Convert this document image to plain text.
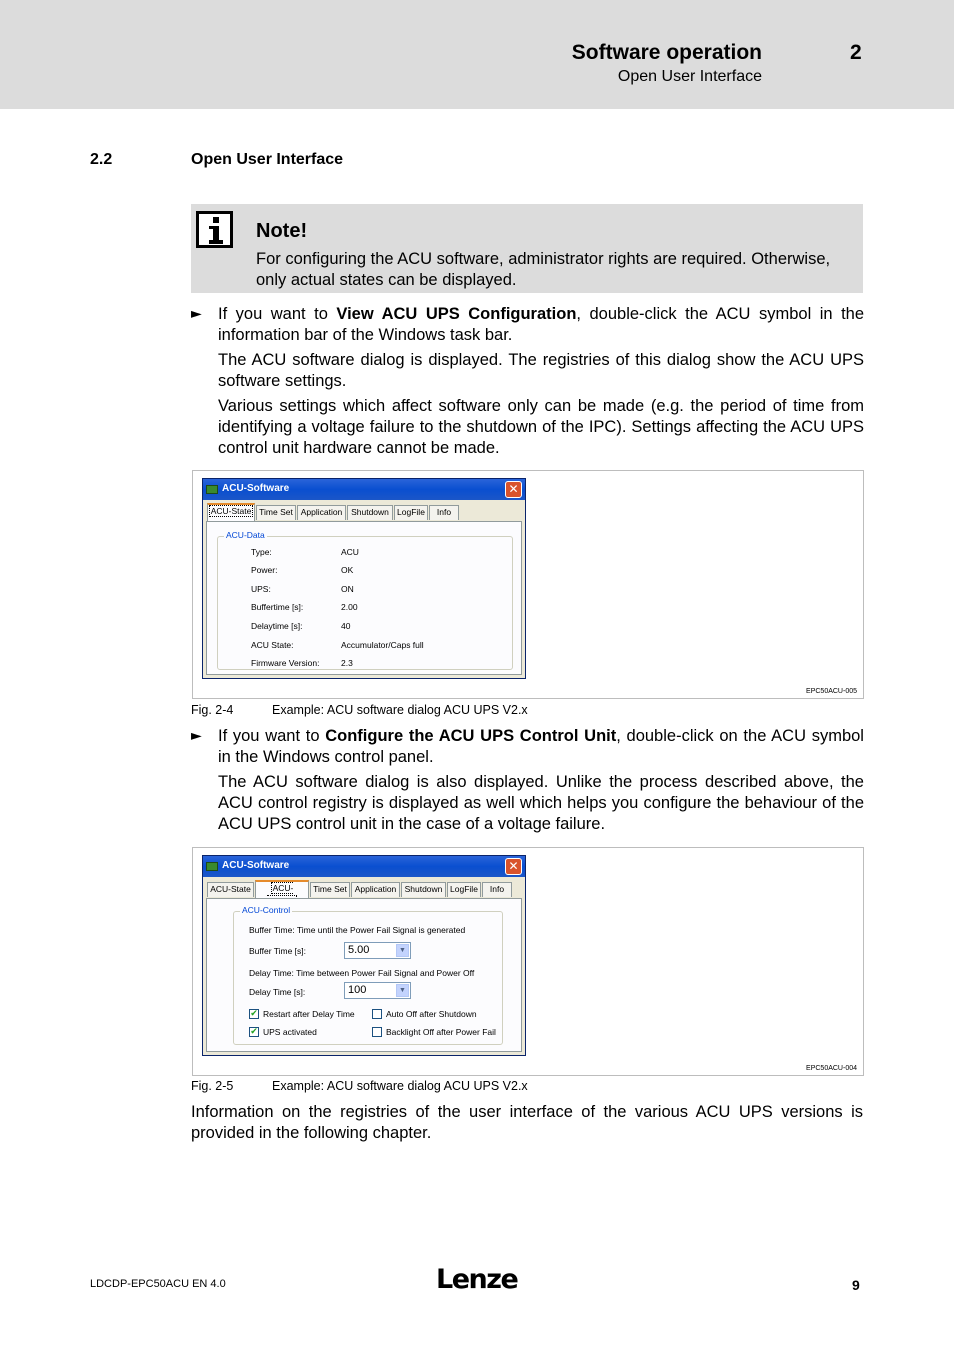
Software operation	2
Open User Interface
2.2	Open User Interface
Note!
For configuring the ACU software, administrator rights are required. Otherwise, only actual states can be displayed.
► If you want to View ACU UPS Configuration, double-click the ACU symbol in the information bar of the Windows task bar.
The ACU software dialog is displayed. The registries of this dialog show the ACU UPS software settings.
Various settings which affect software only can be made (e.g. the period of time from identifying a voltage failure to the shutdown of the IPC). Settings affecting the ACU UPS control unit hardware cannot be made.
ACU-Software	✕
ACU-State Time Set Application	Shutdown LogFile	Info
ACU-Data
Type:	ACU
Power:	OK
UPS:	ON
Buffertime [s]:	2.00
Delaytime [s]:	40
ACU State:	Accumulator/Caps full
Firmware Version:	2.3
EPC50ACU-005
Fig. 2-4	Example: ACU software dialog ACU UPS V2.x
► If you want to Configure the ACU UPS Control Unit, double-click on the ACU symbol in the Windows control panel.
The ACU software dialog is also displayed. Unlike the process described above, the ACU control registry is displayed as well which helps you configure the behaviour of the ACU UPS control unit in the case of a voltage failure.
ACU-Software	✕
ACU-State	ACU-	Time Set Application Shutdown LogFile	Info
ACU-Control
Buffer Time: Time until the Power Fail Signal is generated
Buffer Time [s]:	5.00	▼
Delay Time: Time between Power Fail Signal and Power Off
Delay Time [s]:	100	▼
✔ Restart after Delay Time	Auto Off after Shutdown
✔ UPS activated	Backlight Off after Power Fail
EPC50ACU-004
Fig. 2-5	Example: ACU software dialog ACU UPS V2.x
Information on the registries of the user interface of the various ACU UPS versions is provided in the following chapter.
LDCDP-EPC50ACU EN 4.0	Lenze	9
